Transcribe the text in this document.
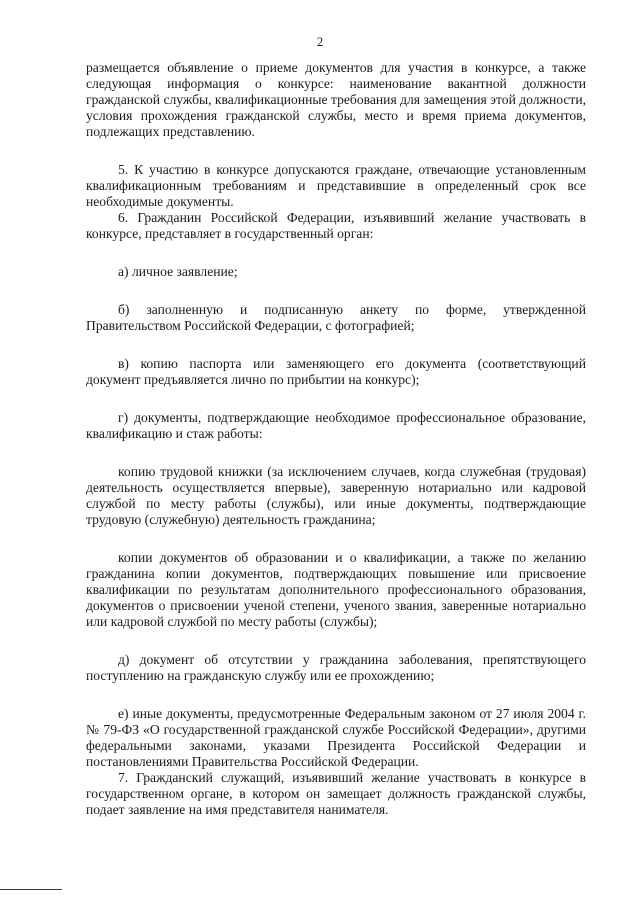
2

размещается объявление о приеме документов для участия в конкурсе, а также следующая информация о конкурсе: наименование вакантной должности гражданской службы, квалификационные требования для замещения этой должности, условия прохождения гражданской службы, место и время приема документов, подлежащих представлению.

5. К участию в конкурсе допускаются граждане, отвечающие установленным квалификационным требованиям и представившие в определенный срок все необходимые документы.

6. Гражданин Российской Федерации, изъявивший желание участвовать в конкурсе, представляет в государственный орган:

а) личное заявление;

б) заполненную и подписанную анкету по форме, утвержденной Правительством Российской Федерации, с фотографией;

в) копию паспорта или заменяющего его документа (соответствующий документ предъявляется лично по прибытии на конкурс);

г) документы, подтверждающие необходимое профессиональное образование, квалификацию и стаж работы:

копию трудовой книжки (за исключением случаев, когда служебная (трудовая) деятельность осуществляется впервые), заверенную нотариально или кадровой службой по месту работы (службы), или иные документы, подтверждающие трудовую (служебную) деятельность гражданина;

копии документов об образовании и о квалификации, а также по желанию гражданина копии документов, подтверждающих повышение или присвоение квалификации по результатам дополнительного профессионального образования, документов о присвоении ученой степени, ученого звания, заверенные нотариально или кадровой службой по месту работы (службы);

д) документ об отсутствии у гражданина заболевания, препятствующего поступлению на гражданскую службу или ее прохождению;

е) иные документы, предусмотренные Федеральным законом от 27 июля 2004 г. № 79-ФЗ «О государственной гражданской службе Российской Федерации», другими федеральными законами, указами Президента Российской Федерации и постановлениями Правительства Российской Федерации.

7. Гражданский служащий, изъявивший желание участвовать в конкурсе в государственном органе, в котором он замещает должность гражданской службы, подает заявление на имя представителя нанимателя.
